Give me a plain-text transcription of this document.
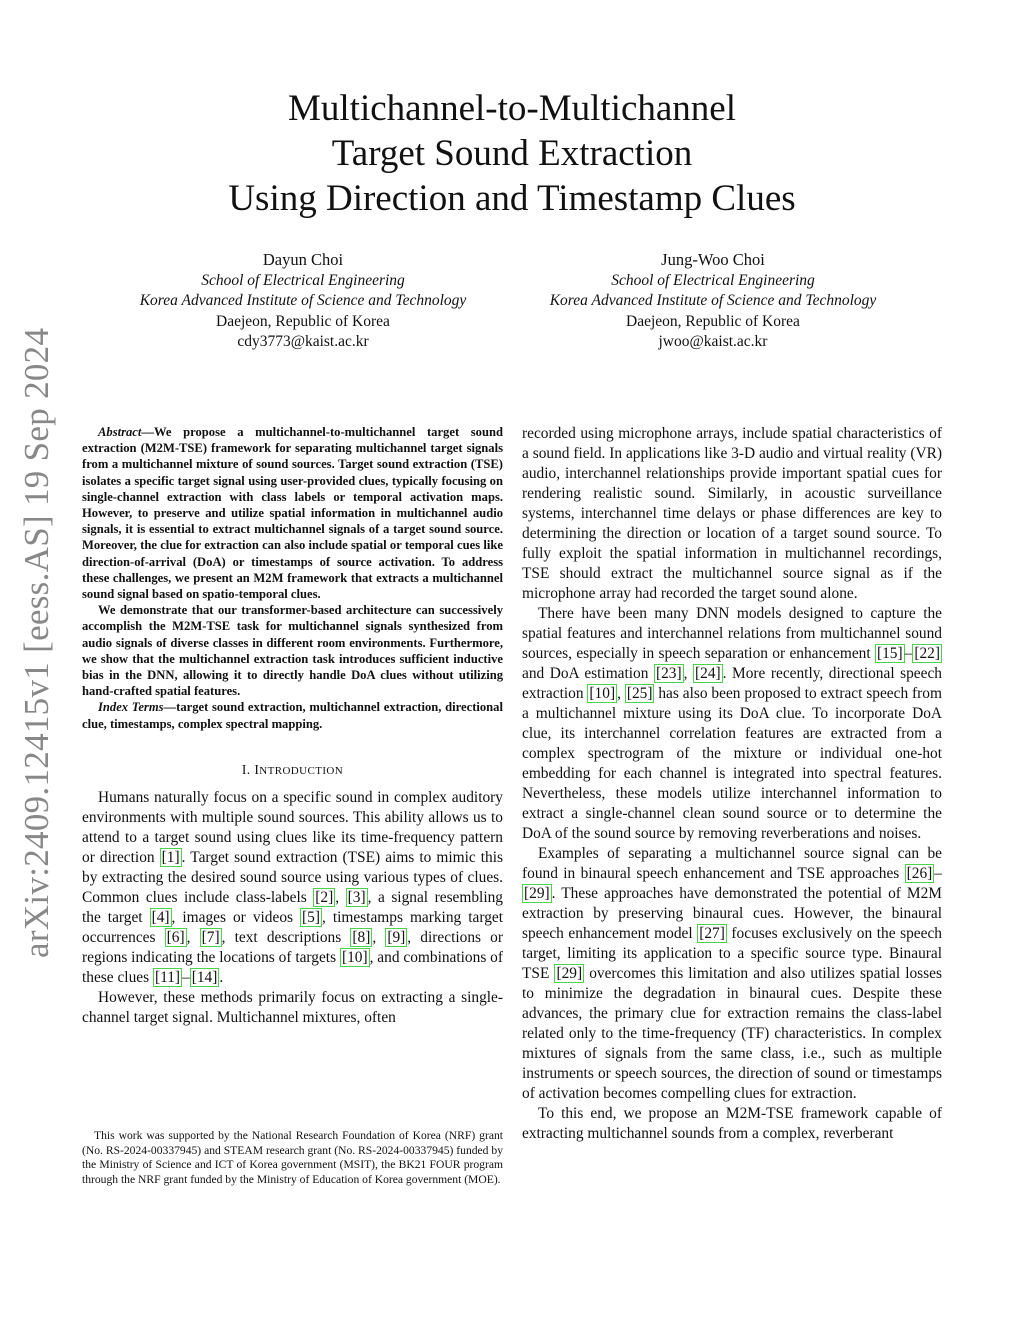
Multichannel-to-Multichannel
Target Sound Extraction
Using Direction and Timestamp Clues
Dayun Choi
School of Electrical Engineering
Korea Advanced Institute of Science and Technology
Daejeon, Republic of Korea
cdy3773@kaist.ac.kr
Jung-Woo Choi
School of Electrical Engineering
Korea Advanced Institute of Science and Technology
Daejeon, Republic of Korea
jwoo@kaist.ac.kr
arXiv:2409.12415v1 [eess.AS] 19 Sep 2024	Abstract—We propose a multichannel-to-multichannel target sound extraction (M2M-TSE) framework for separating multichannel target signals from a multichannel mixture of sound sources. Target sound extraction (TSE) isolates a specific target signal using user-provided clues, typically focusing on single-channel extraction with class labels or temporal activation maps. However, to preserve and utilize spatial information in multichannel audio signals, it is essential to extract multichannel signals of a target sound source. Moreover, the clue for extraction can also include spatial or temporal cues like direction-of-arrival (DoA) or timestamps of source activation. To address these challenges, we present an M2M framework that extracts a multichannel sound signal based on spatio-temporal clues.

We demonstrate that our transformer-based architecture can successively accomplish the M2M-TSE task for multichannel signals synthesized from audio signals of diverse classes in different room environments. Furthermore, we show that the multichannel extraction task introduces sufficient inductive bias in the DNN, allowing it to directly handle DoA clues without utilizing hand-crafted spatial features.

Index Terms—target sound extraction, multichannel extraction, directional clue, timestamps, complex spectral mapping.

I. INTRODUCTION

Humans naturally focus on a specific sound in complex auditory environments with multiple sound sources. This ability allows us to attend to a target sound using clues like its time-frequency pattern or direction [1] . Target sound extraction (TSE) aims to mimic this by extracting the desired sound source using various types of clues. Common clues include class-labels [2] , [3] , a signal resembling the target [4] , images or videos [5] , timestamps marking target occurrences [6] , [7] , text descriptions [8] , [9] , directions or regions indicating the locations of targets [10] , and combinations of these clues [11] – [14] .

However, these methods primarily focus on extracting a single-channel target signal. Multichannel mixtures, often

This work was supported by the National Research Foundation of Korea (NRF) grant (No. RS-2024-00337945) and STEAM research grant (No. RS-2024-00337945) funded by the Ministry of Science and ICT of Korea government (MSIT), the BK21 FOUR program through the NRF grant funded by the Ministry of Education of Korea government (MOE).

recorded using microphone arrays, include spatial characteristics of a sound field. In applications like 3-D audio and virtual reality (VR) audio, interchannel relationships provide important spatial cues for rendering realistic sound. Similarly, in acoustic surveillance systems, interchannel time delays or phase differences are key to determining the direction or location of a target sound source. To fully exploit the spatial information in multichannel recordings, TSE should extract the multichannel source signal as if the microphone array had recorded the target sound alone.

There have been many DNN models designed to capture the spatial features and interchannel relations from multichannel sound sources, especially in speech separation or enhancement [15] – [22] and DoA estimation [23] , [24] . More recently, directional speech extraction [10] , [25] has also been proposed to extract speech from a multichannel mixture using its DoA clue. To incorporate DoA clue, its interchannel correlation features are extracted from a complex spectrogram of the mixture or individual one-hot embedding for each channel is integrated into spectral features. Nevertheless, these models utilize interchannel information to extract a single-channel clean sound source or to determine the DoA of the sound source by removing reverberations and noises.

Examples of separating a multichannel source signal can be found in binaural speech enhancement and TSE approaches [26] –[29] . These approaches have demonstrated the potential of M2M extraction by preserving binaural cues. However, the binaural speech enhancement model [27] focuses exclusively on the speech target, limiting its application to a specific source type. Binaural TSE [29] overcomes this limitation and also utilizes spatial losses to minimize the degradation in binaural cues. Despite these advances, the primary clue for extraction remains the class-label related only to the time-frequency (TF) characteristics. In complex mixtures of signals from the same class, i.e., such as multiple instruments or speech sources, the direction of sound or timestamps of activation becomes compelling clues for extraction.

To this end, we propose an M2M-TSE framework capable of extracting multichannel sounds from a complex, reverberant
